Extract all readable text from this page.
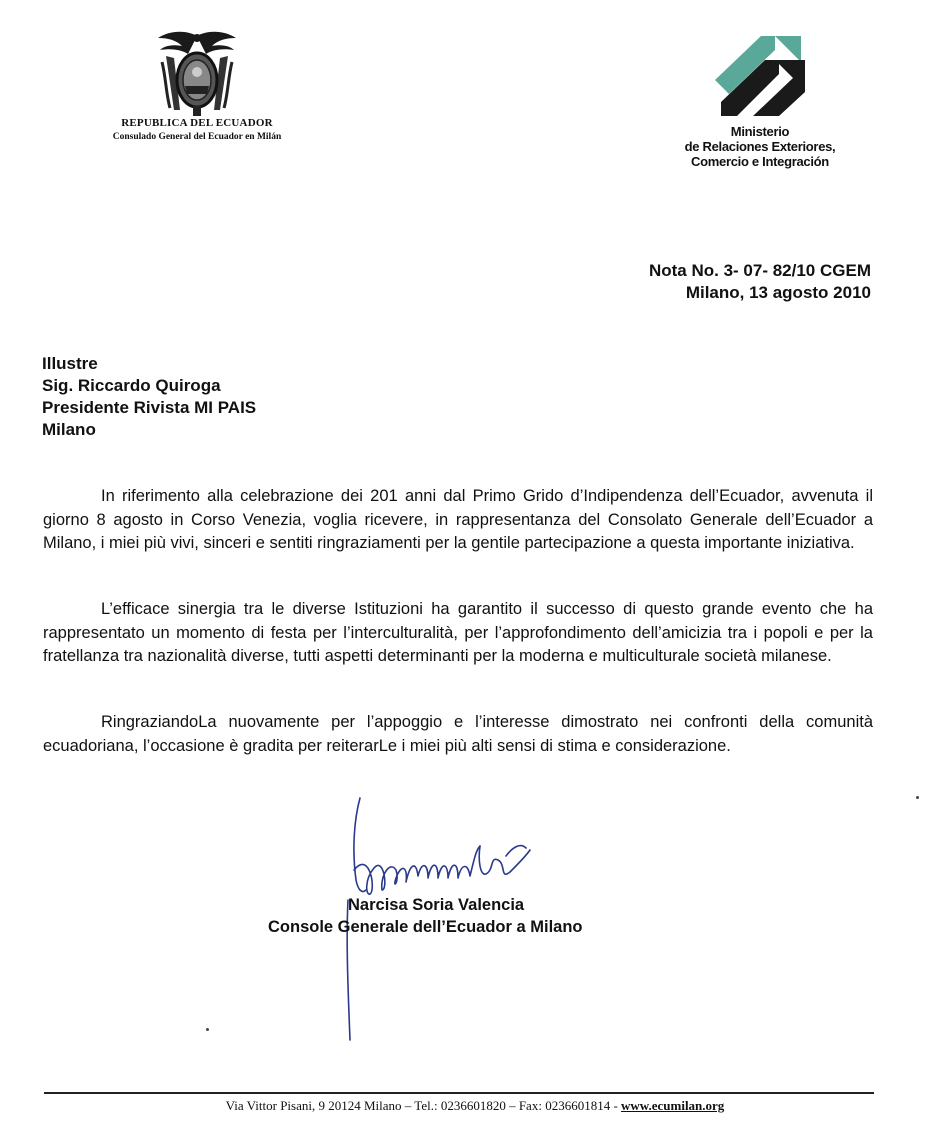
REPUBLICA DEL ECUADOR
Consulado General del Ecuador en Milán	Ministerio
de Relaciones Exteriores,
Comercio e Integración
Nota No. 3- 07- 82/10 CGEM
Milano, 13 agosto 2010
Illustre
Sig. Riccardo Quiroga
Presidente Rivista MI PAIS
Milano
In riferimento alla celebrazione dei 201 anni dal Primo Grido d’Indipendenza dell’Ecuador, avvenuta il giorno 8 agosto in Corso Venezia, voglia ricevere, in rappresentanza del Consolato Generale dell’Ecuador a Milano, i miei più vivi, sinceri e sentiti ringraziamenti per la gentile partecipazione a questa importante iniziativa.
L’efficace sinergia tra le diverse Istituzioni ha garantito il successo di questo grande evento che ha rappresentato un momento di festa per l’interculturalità, per l’approfondimento dell’amicizia tra i popoli e per la fratellanza tra nazionalità diverse, tutti aspetti determinanti per la moderna e multiculturale società milanese.
RingraziandoLa nuovamente per l’appoggio e l’interesse dimostrato nei confronti della comunità ecuadoriana, l’occasione è gradita per reiterarLe i miei più alti sensi di stima e considerazione.
Narcisa Soria Valencia
Console Generale dell’Ecuador a Milano
Via Vittor Pisani, 9 20124 Milano – Tel.: 0236601820 – Fax: 0236601814 - www.ecumilan.org
